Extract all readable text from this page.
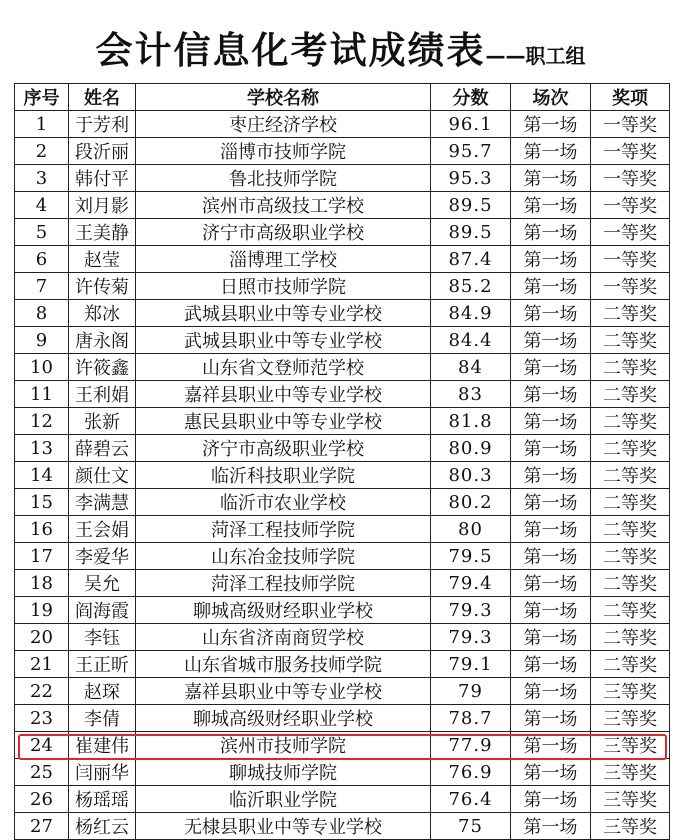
会计信息化考试成绩表——职工组
序号	姓名	学校名称	分数	场次	奖项
1	于芳利	枣庄经济学校	96.1	第一场	一等奖
2	段沂丽	淄博市技师学院	95.7	第一场	一等奖
3	韩付平	鲁北技师学院	95.3	第一场	一等奖
4	刘月影	滨州市高级技工学校	89.5	第一场	一等奖
5	王美静	济宁市高级职业学校	89.5	第一场	一等奖
6	赵莹	淄博理工学校	87.4	第一场	一等奖
7	许传菊	日照市技师学院	85.2	第一场	一等奖
8	郑冰	武城县职业中等专业学校	84.9	第一场	二等奖
9	唐永阁	武城县职业中等专业学校	84.4	第一场	二等奖
10	许筱鑫	山东省文登师范学校	84	第一场	二等奖
11	王利娟	嘉祥县职业中等专业学校	83	第一场	二等奖
12	张新	惠民县职业中等专业学校	81.8	第一场	二等奖
13	薛碧云	济宁市高级职业学校	80.9	第一场	二等奖
14	颜仕文	临沂科技职业学院	80.3	第一场	二等奖
15	李满慧	临沂市农业学校	80.2	第一场	二等奖
16	王会娟	菏泽工程技师学院	80	第一场	二等奖
17	李爱华	山东冶金技师学院	79.5	第一场	二等奖
18	吴允	菏泽工程技师学院	79.4	第一场	二等奖
19	阎海霞	聊城高级财经职业学校	79.3	第一场	二等奖
20	李钰	山东省济南商贸学校	79.3	第一场	二等奖
21	王正昕	山东省城市服务技师学院	79.1	第一场	二等奖
22	赵琛	嘉祥县职业中等专业学校	79	第一场	三等奖
23	李倩	聊城高级财经职业学校	78.7	第一场	三等奖
24	崔建伟	滨州市技师学院	77.9	第一场	三等奖
25	闫丽华	聊城技师学院	76.9	第一场	三等奖
26	杨瑶瑶	临沂职业学院	76.4	第一场	三等奖
27	杨红云	无棣县职业中等专业学校	75	第一场	三等奖
